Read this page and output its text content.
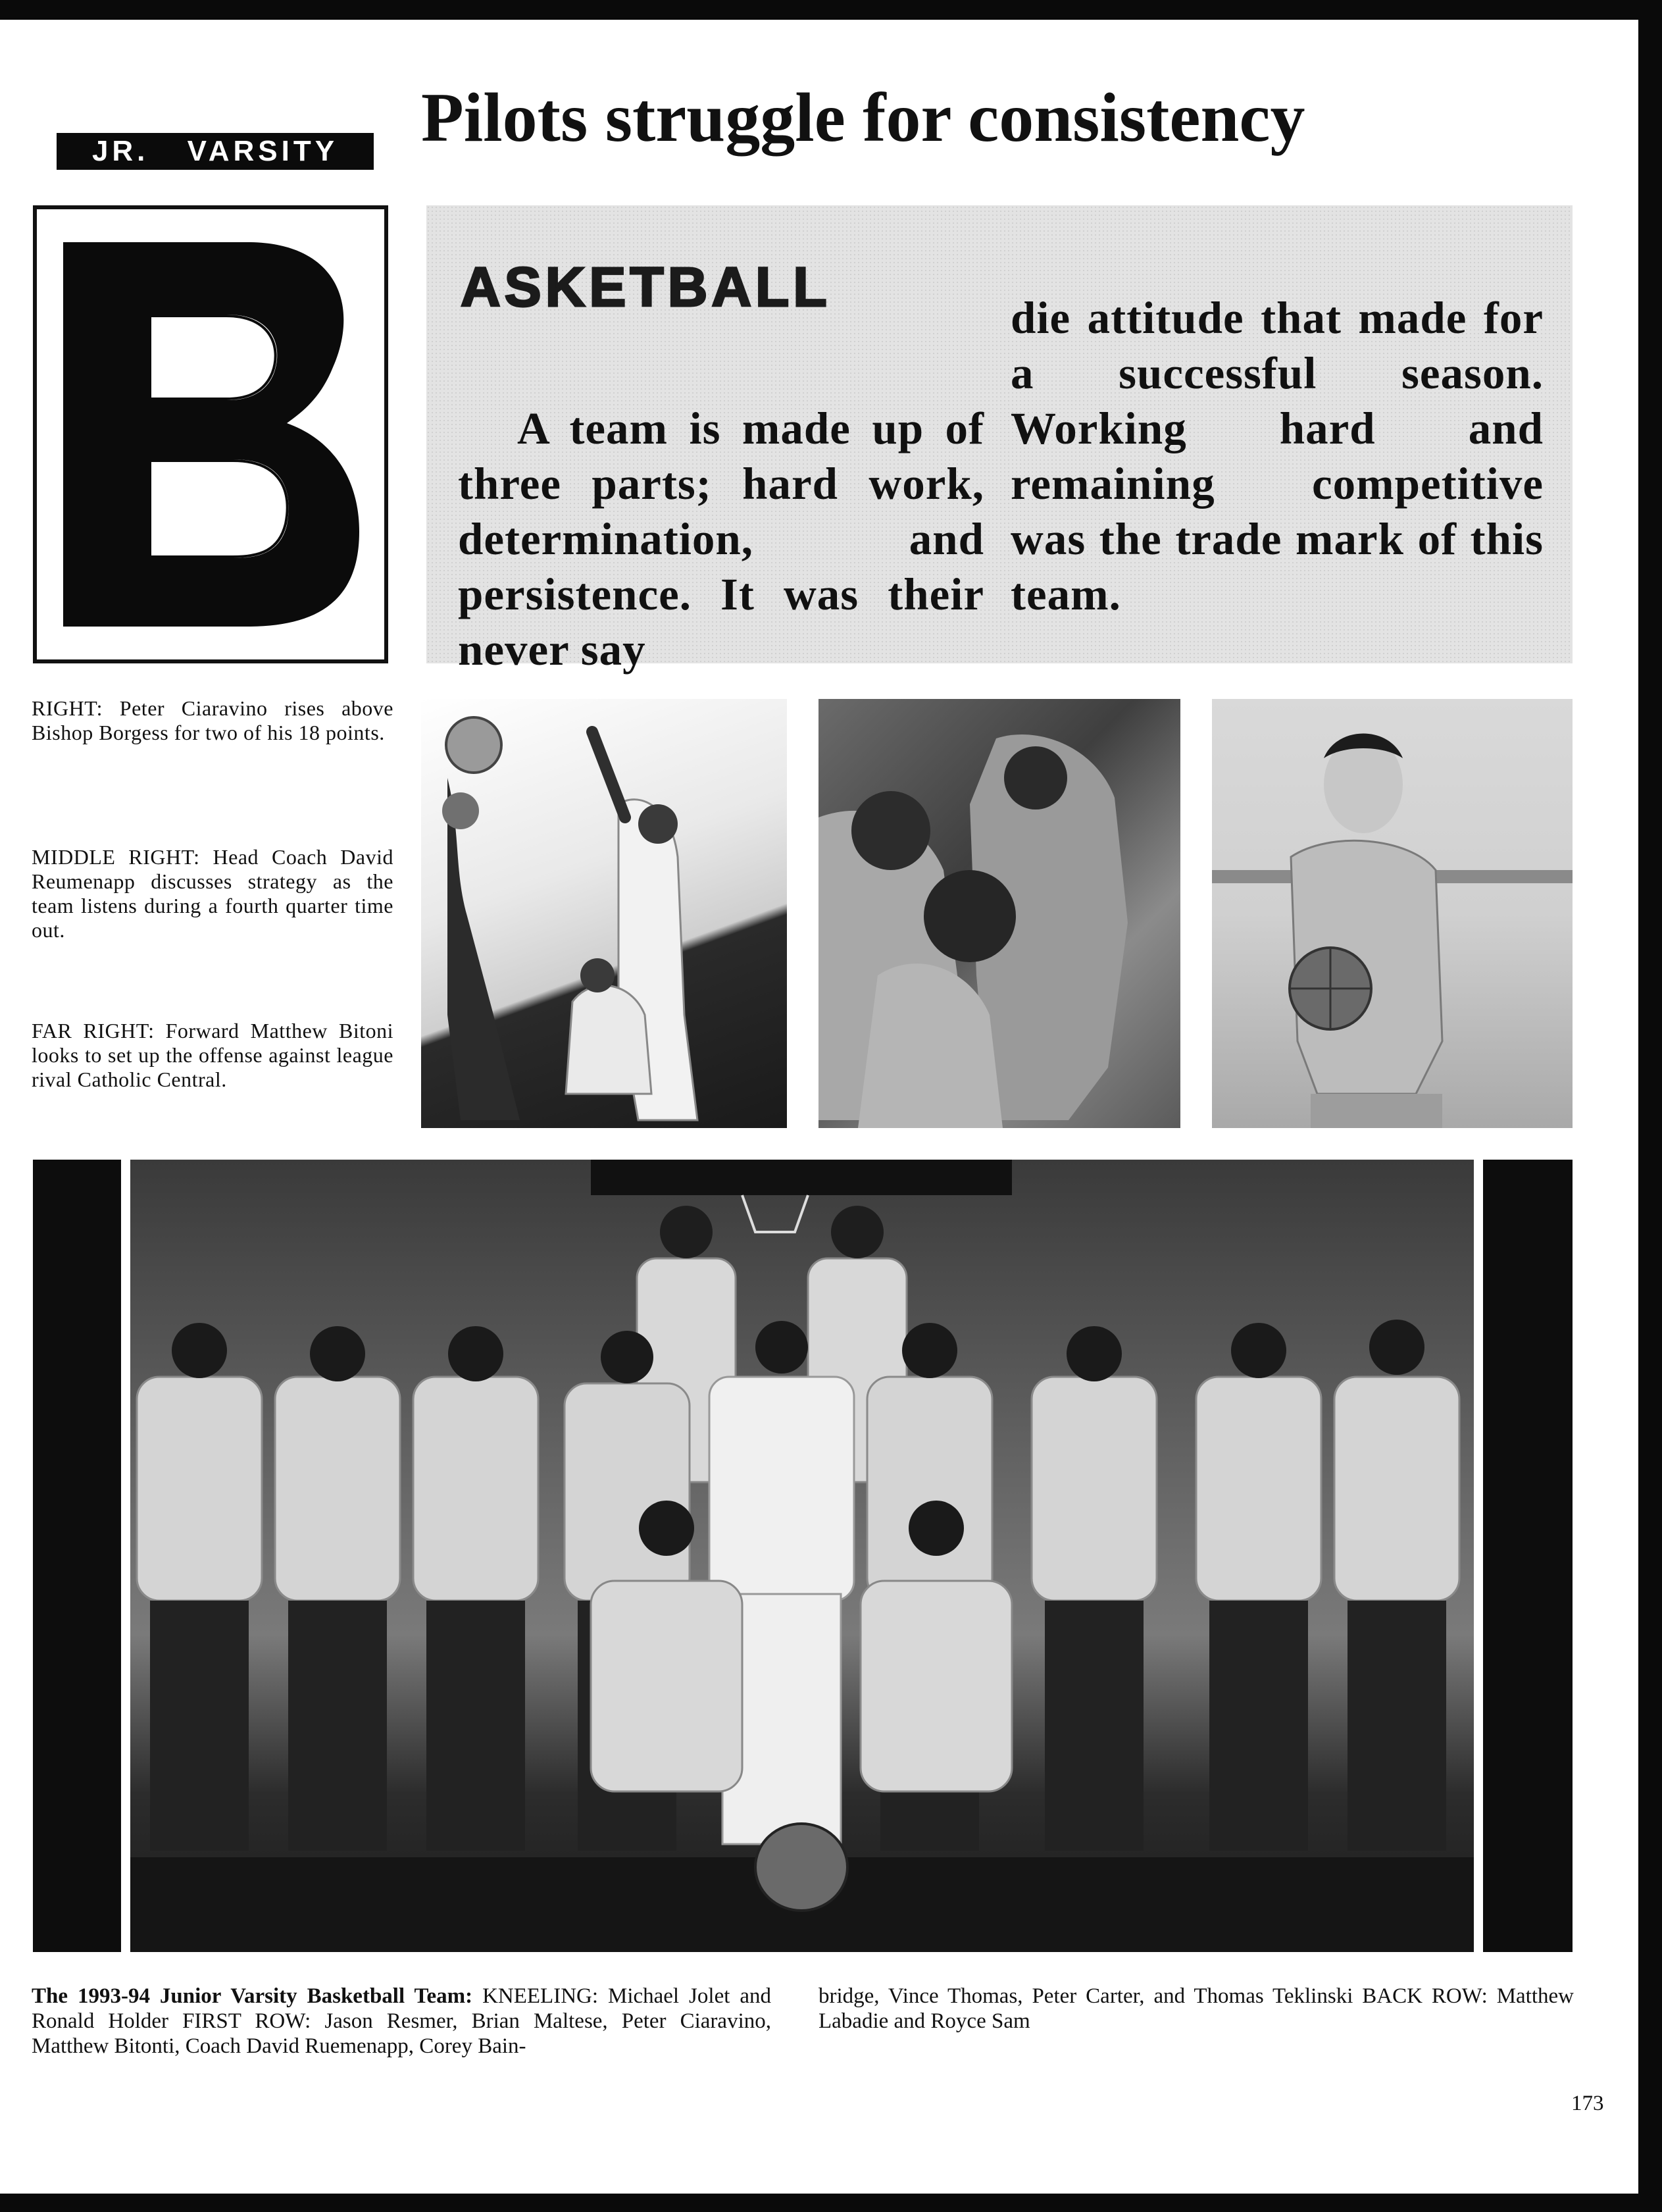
JR. VARSITY	Pilots struggle for consistency
ASKETBALL

A team is made up of three parts; hard work, determination, and persistence. It was their never say

die attitude that made for a successful season. Working hard and remaining competitive was the trade mark of this team.

RIGHT: Peter Ciaravino rises above Bishop Borgess for two of his 18 points.

MIDDLE RIGHT: Head Coach David Reumenapp discusses strategy as the team listens during a fourth quarter time out.

FAR RIGHT: Forward Matthew Bitoni looks to set up the offense against league rival Catholic Central.

The 1993-94 Junior Varsity Basketball Team: KNEELING: Michael Jolet and Ronald Holder FIRST ROW: Jason Resmer, Brian Maltese, Peter Ciaravino, Matthew Bitonti, Coach David Ruemenapp, Corey Bain-

bridge, Vince Thomas, Peter Carter, and Thomas Teklinski BACK ROW: Matthew Labadie and Royce Sam

173
